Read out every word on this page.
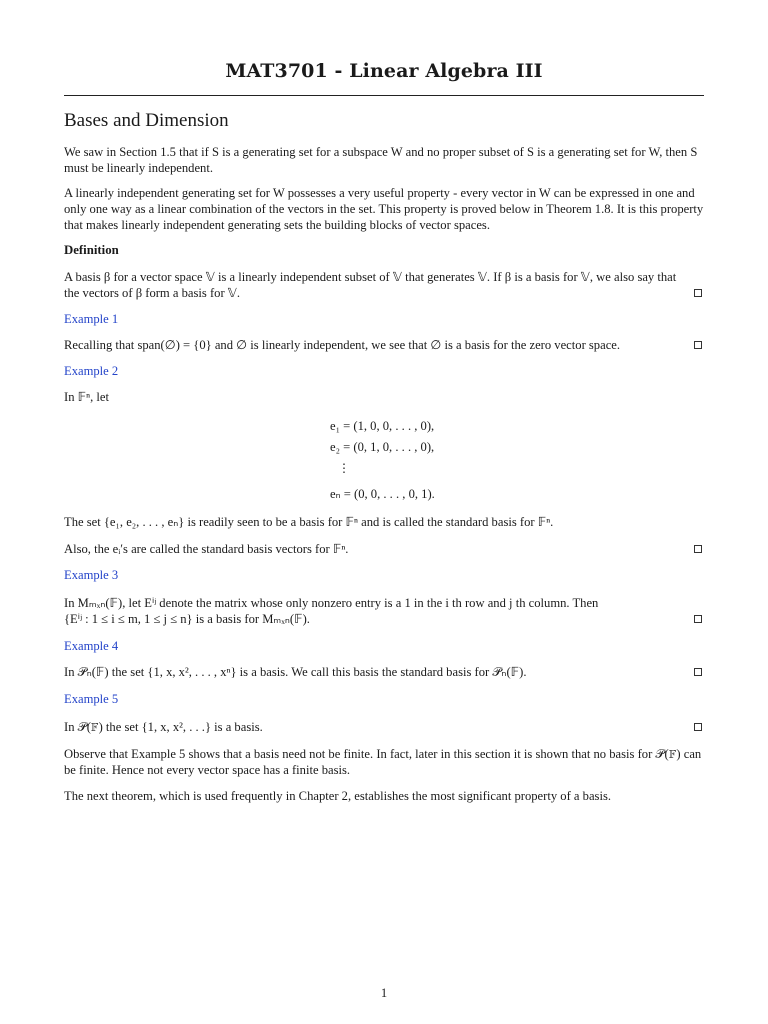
MAT3701 - Linear Algebra III
Bases and Dimension

We saw in Section 1.5 that if S is a generating set for a subspace W and no proper subset of S is a generating set for W, then S must be linearly independent.

A linearly independent generating set for W possesses a very useful property - every vector in W can be expressed in one and only one way as a linear combination of the vectors in the set. This property is proved below in Theorem 1.8. It is this property that makes linearly independent generating sets the building blocks of vector spaces.

Definition

A basis β for a vector space 𝕍 is a linearly independent subset of 𝕍 that generates 𝕍. If β is a basis for 𝕍, we also say that the vectors of β form a basis for 𝕍.

Example 1

Recalling that span(∅) = {0} and ∅ is linearly independent, we see that ∅ is a basis for the zero vector space.

Example 2

In 𝔽ⁿ, let

e₁ = (1, 0, 0, . . . , 0),
e₂ = (0, 1, 0, . . . , 0),
⋮
eₙ = (0, 0, . . . , 0, 1).

The set {e₁, e₂, . . . , eₙ} is readily seen to be a basis for 𝔽ⁿ and is called the standard basis for 𝔽ⁿ.

Also, the eᵢ′s are called the standard basis vectors for 𝔽ⁿ.

Example 3

In Mₘₓₙ(𝔽), let Eⁱʲ denote the matrix whose only nonzero entry is a 1 in the i th row and j th column. Then

{Eⁱʲ : 1 ≤ i ≤ m, 1 ≤ j ≤ n} is a basis for Mₘₓₙ(𝔽).

Example 4

In 𝒫ₙ(𝔽) the set {1, x, x², . . . , xⁿ} is a basis. We call this basis the standard basis for 𝒫ₙ(𝔽).

Example 5

In 𝒫(𝔽) the set {1, x, x², . . .} is a basis.

Observe that Example 5 shows that a basis need not be finite. In fact, later in this section it is shown that no basis for 𝒫(𝔽) can be finite. Hence not every vector space has a finite basis.

The next theorem, which is used frequently in Chapter 2, establishes the most significant property of a basis.

1
